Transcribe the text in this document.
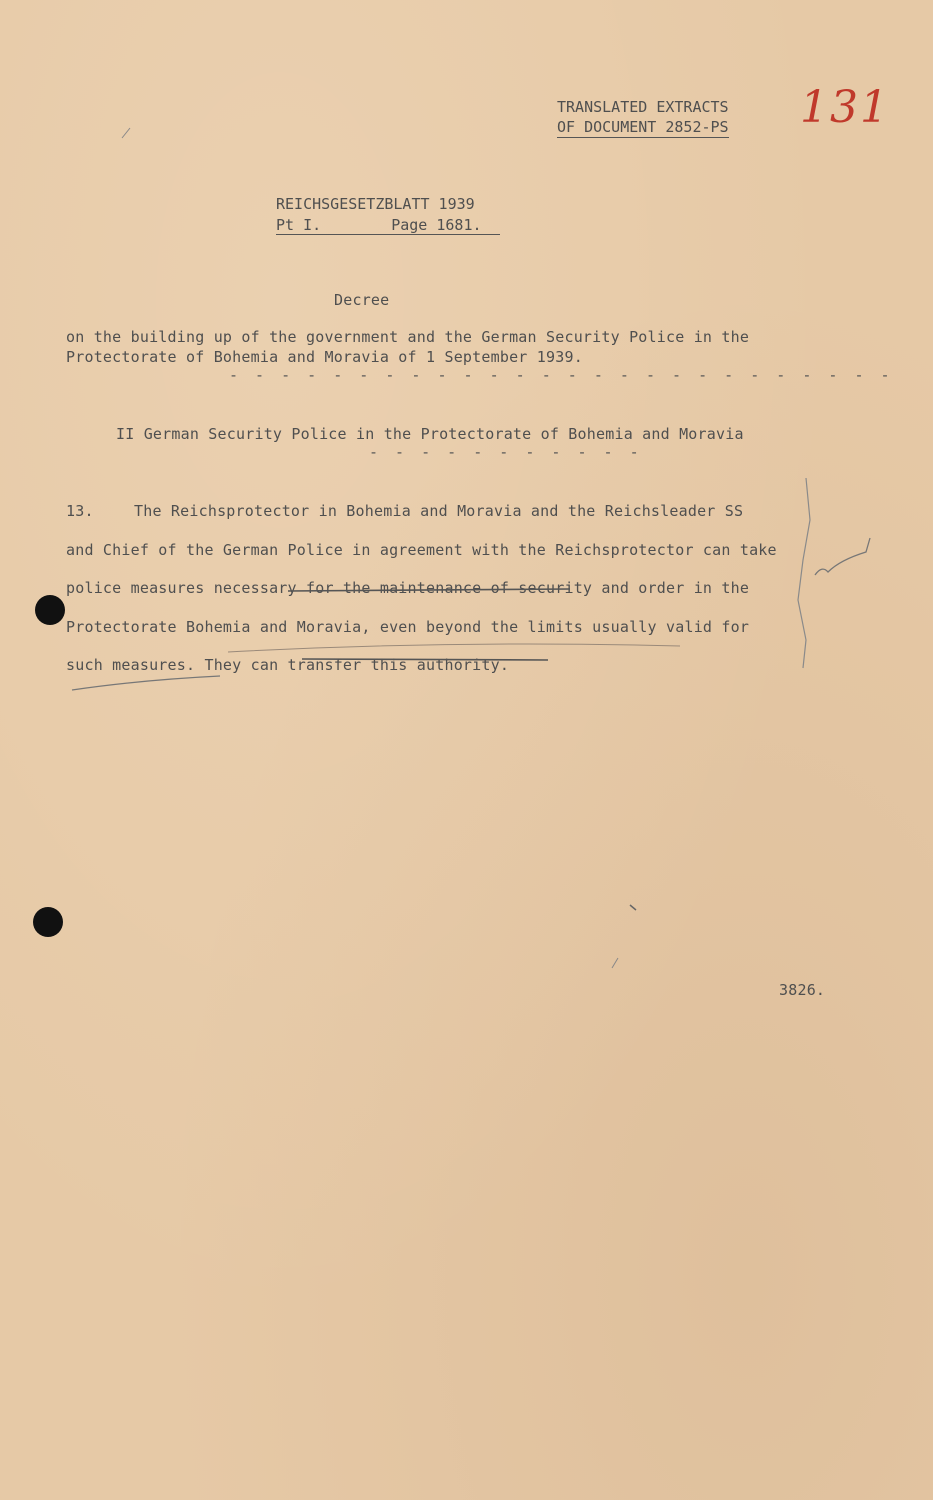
TRANSLATED EXTRACTS
OF DOCUMENT 2852-PS 131
REICHSGESETZBLATT 1939
Pt I.	Page 1681.
Decree
on the building up of the government and the German Security Police in the
Protectorate of Bohemia and Moravia of 1 September 1939.
- - - - - - - - - - - - - - - - - - - - - - - - - -
II German Security Police in the Protectorate of Bohemia and Moravia
- - - - - - - - - - -
13.	The Reichsprotector in Bohemia and Moravia and the Reichsleader SS
and Chief of the German Police in agreement with the Reichsprotector can take
police measures necessary for the maintenance of security and order in the
Protectorate Bohemia and Moravia, even beyond the limits usually valid for
such measures. They can transfer this authority.
3826.
